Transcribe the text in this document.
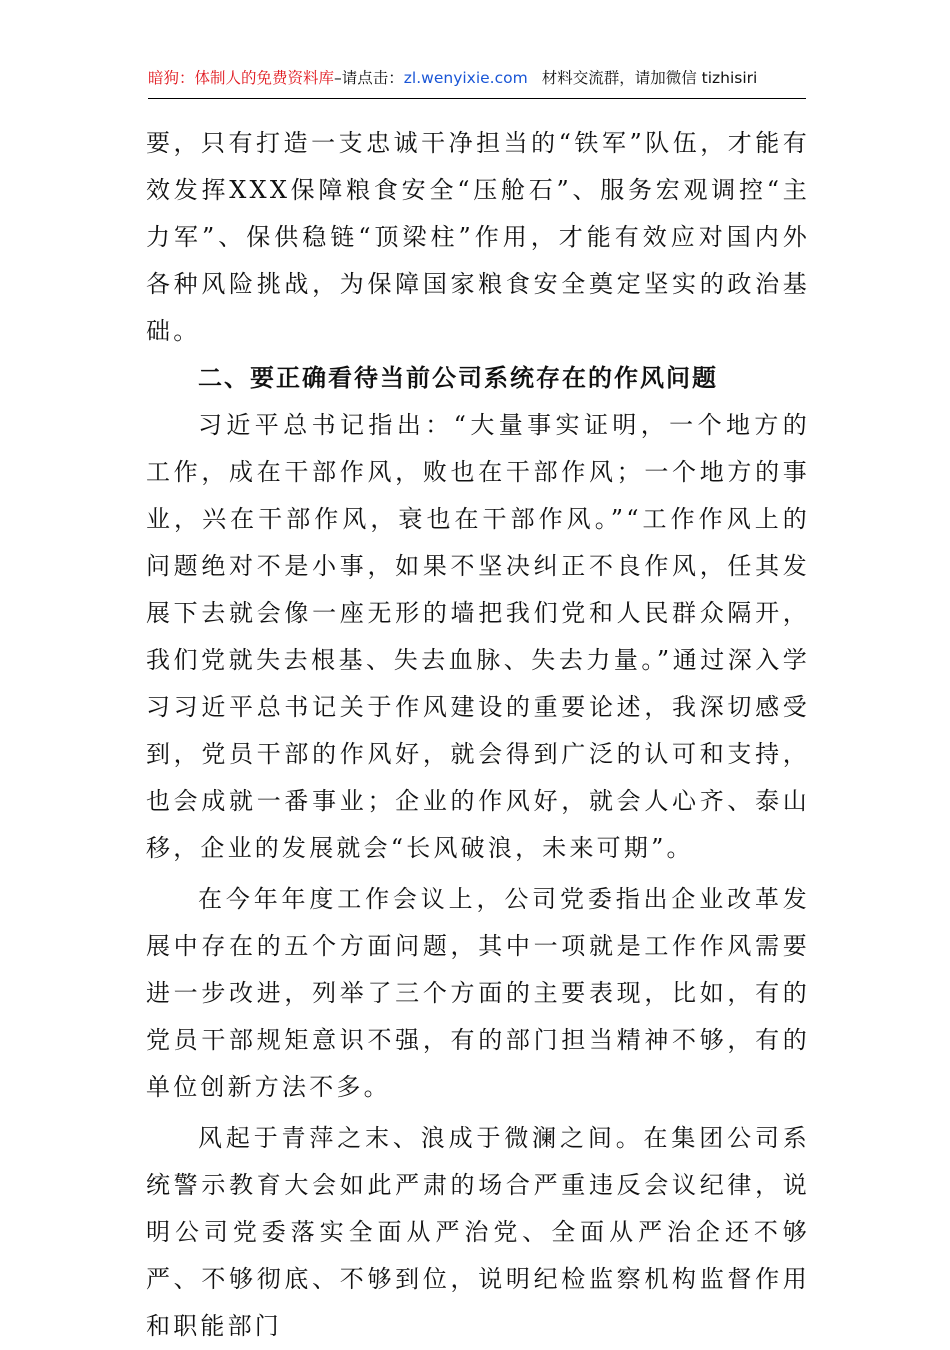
暗狗：体制人的免费资料库–请点击：zl.wenyixie.com 材料交流群，请加微信 tizhisiri

要，只有打造一支忠诚干净担当的“铁军”队伍，才能有效发挥XXX保障粮食安全“压舱石”、服务宏观调控“主力军”、保供稳链“顶梁柱”作用，才能有效应对国内外各种风险挑战，为保障国家粮食安全奠定坚实的政治基础。

二、要正确看待当前公司系统存在的作风问题

习近平总书记指出：“大量事实证明，一个地方的工作，成在干部作风，败也在干部作风；一个地方的事业，兴在干部作风，衰也在干部作风。”“工作作风上的问题绝对不是小事，如果不坚决纠正不良作风，任其发展下去就会像一座无形的墙把我们党和人民群众隔开，我们党就失去根基、失去血脉、失去力量。”通过深入学习习近平总书记关于作风建设的重要论述，我深切感受到，党员干部的作风好，就会得到广泛的认可和支持，也会成就一番事业；企业的作风好，就会人心齐、泰山移，企业的发展就会“长风破浪，未来可期”。

在今年年度工作会议上，公司党委指出企业改革发展中存在的五个方面问题，其中一项就是工作作风需要进一步改进，列举了三个方面的主要表现，比如，有的党员干部规矩意识不强，有的部门担当精神不够，有的单位创新方法不多。

风起于青萍之末、浪成于微澜之间。在集团公司系统警示教育大会如此严肃的场合严重违反会议纪律，说明公司党委落实全面从严治党、全面从严治企还不够严、不够彻底、不够到位，说明纪检监察机构监督作用和职能部门
